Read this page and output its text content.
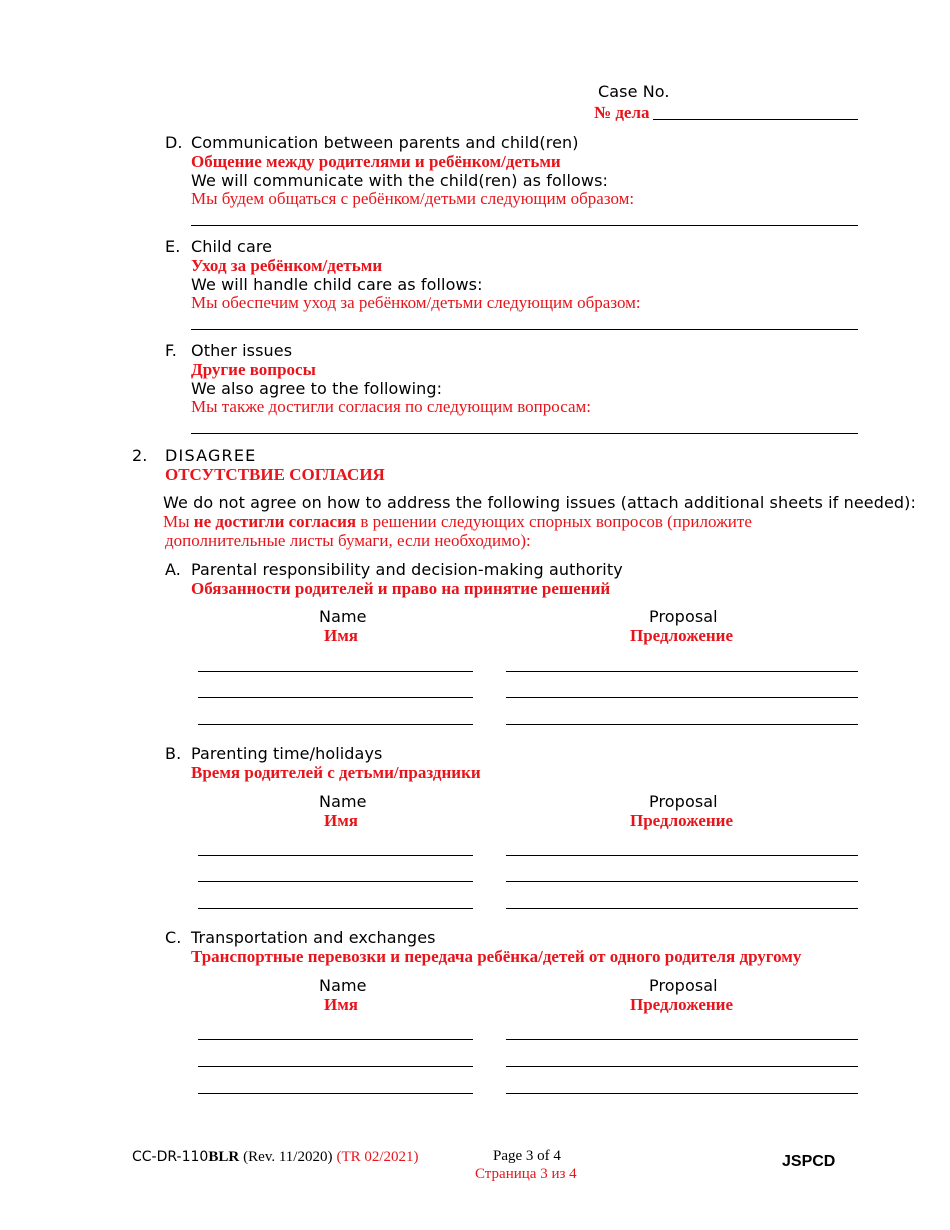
Case No.
№ дела
D. Communication between parents and child(ren)
Общение между родителями и ребёнком/детьми
We will communicate with the child(ren) as follows:
Мы будем общаться с ребёнком/детьми следующим образом:
E. Child care
Уход за ребёнком/детьми
We will handle child care as follows:
Мы обеспечим уход за ребёнком/детьми следующим образом:
F. Other issues
Другие вопросы
We also agree to the following:
Мы также достигли согласия по следующим вопросам:
2. DISAGREE
ОТСУТСТВИЕ СОГЛАСИЯ
We do not agree on how to address the following issues (attach additional sheets if needed):
Мы не достигли согласия в решении следующих спорных вопросов (приложите
дополнительные листы бумаги, если необходимо):
A. Parental responsibility and decision-making authority
Обязанности родителей и право на принятие решений
Name
Имя
Proposal
Предложение
B. Parenting time/holidays
Время родителей с детьми/праздники
Name
Имя
Proposal
Предложение
C. Transportation and exchanges
Транспортные перевозки и передача ребёнка/детей от одного родителя другому
Name
Имя
Proposal
Предложение
CC-DR-110BLR (Rev. 11/2020) (TR 02/2021)	Page 3 of 4
Страница 3 из 4
JSPCD
